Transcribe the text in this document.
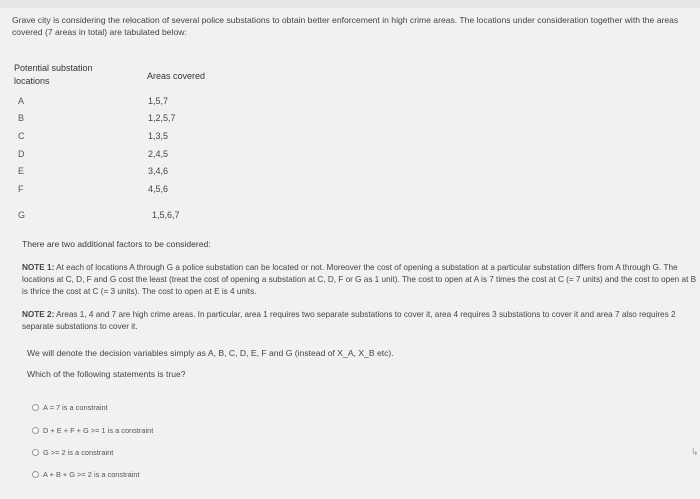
Grave city is considering the relocation of several police substations to obtain better enforcement in high crime areas. The locations under consideration together with the areas covered (7 areas in total) are tabulated below:
Potential substation
locations	Areas covered
A	1,5,7
B	1,2,5,7
C	1,3,5
D	2,4,5
E	3,4,6
F	4,5,6
G	1,5,6,7
There are two additional factors to be considered:
NOTE 1: At each of locations A through G a police substation can be located or not. Moreover the cost of opening a substation at a particular substation differs from A through G. The locations at C, D, F and G cost the least (treat the cost of opening a substation at C, D, F or G as 1 unit). The cost to open at A is 7 times the cost at C (= 7 units) and the cost to open at B is thrice the cost at C (= 3 units). The cost to open at E is 4 units.
NOTE 2: Areas 1, 4 and 7 are high crime areas. In particular, area 1 requires two separate substations to cover it, area 4 requires 3 substations to cover it and area 7 also requires 2 separate substations to cover it.
We will denote the decision variables simply as A, B, C, D, E, F and G (instead of X_A, X_B etc).
Which of the following statements is true?
A = 7 is a constraint
D + E + F + G >= 1 is a constraint
G >= 2 is a constraint
A + B + G >= 2 is a constraint
↳
